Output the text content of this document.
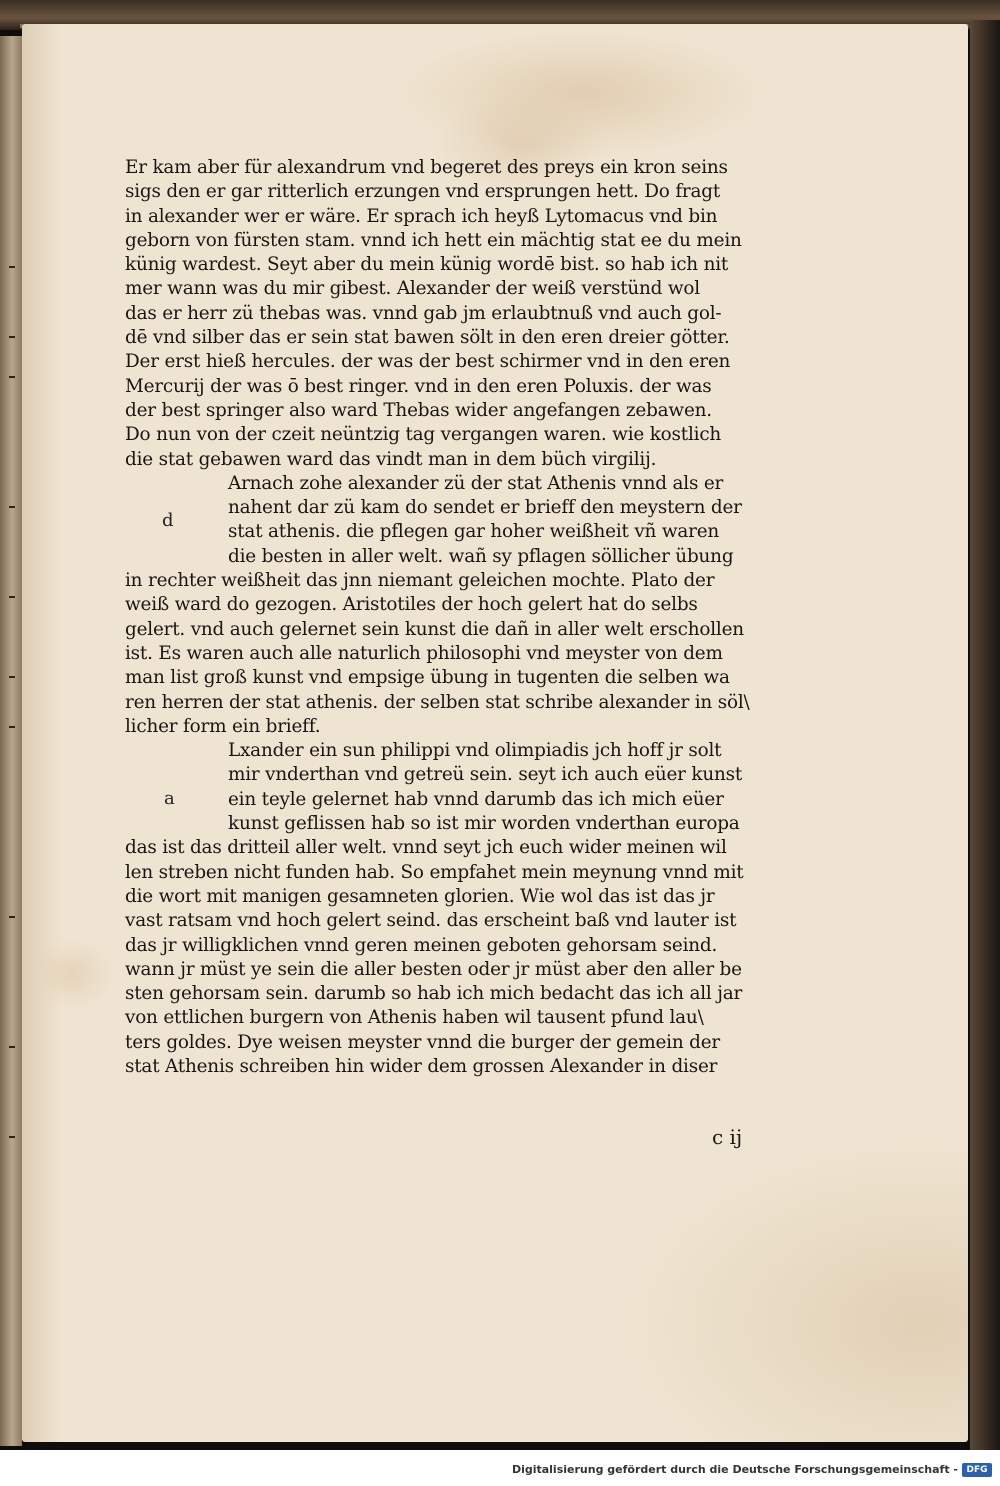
Er kam aber für alexandrum vnd begeret des preys ein kron seins
sigs den er gar ritterlich erzungen vnd ersprungen hett. Do fragt
in alexander wer er wäre. Er sprach ich heyß Lytomacus vnd bin
geborn von fürsten stam. vnnd ich hett ein mächtig stat ee du mein
künig wardest. Seyt aber du mein künig wordē bist. so hab ich nit
mer wann was du mir gibest. Alexander der weiß verstünd wol
das er herr zü thebas was. vnnd gab jm erlaubtnuß vnd auch gol-
dē vnd silber das er sein stat bawen sölt in den eren dreier götter.
Der erst hieß hercules. der was der best schirmer vnd in den eren
Mercurij der was ō best ringer. vnd in den eren Poluxis. der was
der best springer also ward Thebas wider angefangen zebawen.
Do nun von der czeit neüntzig tag vergangen waren. wie kostlich
die stat gebawen ward das vindt man in dem büch virgilij.
Arnach zohe alexander zü der stat Athenis vnnd als er
nahent dar zü kam do sendet er brieff den meystern der
stat athenis. die pflegen gar hoher weißheit vñ waren
die besten in aller welt. wañ sy pflagen söllicher übung
in rechter weißheit das jnn niemant geleichen mochte. Plato der
weiß ward do gezogen. Aristotiles der hoch gelert hat do selbs
gelert. vnd auch gelernet sein kunst die dañ in aller welt erschollen
ist. Es waren auch alle naturlich philosophi vnd meyster von dem
man list groß kunst vnd empsige übung in tugenten die selben wa
ren herren der stat athenis. der selben stat schribe alexander in söl\
licher form ein brieff.
Lxander ein sun philippi vnd olimpiadis jch hoff jr solt
mir vnderthan vnd getreü sein. seyt ich auch eüer kunst
ein teyle gelernet hab vnnd darumb das ich mich eüer
kunst geflissen hab so ist mir worden vnderthan europa
das ist das dritteil aller welt. vnnd seyt jch euch wider meinen wil
len streben nicht funden hab. So empfahet mein meynung vnnd mit
die wort mit manigen gesamneten glorien. Wie wol das ist das jr
vast ratsam vnd hoch gelert seind. das erscheint baß vnd lauter ist
das jr willigklichen vnnd geren meinen geboten gehorsam seind.
wann jr müst ye sein die aller besten oder jr müst aber den aller be
sten gehorsam sein. darumb so hab ich mich bedacht das ich all jar
von ettlichen burgern von Athenis haben wil tausent pfund lau\
ters goldes. Dye weisen meyster vnnd die burger der gemein der
stat Athenis schreiben hin wider dem grossen Alexander in diser
d
a
c ij
Digitalisierung gefördert durch die Deutsche Forschungsgemeinschaft - DFG
